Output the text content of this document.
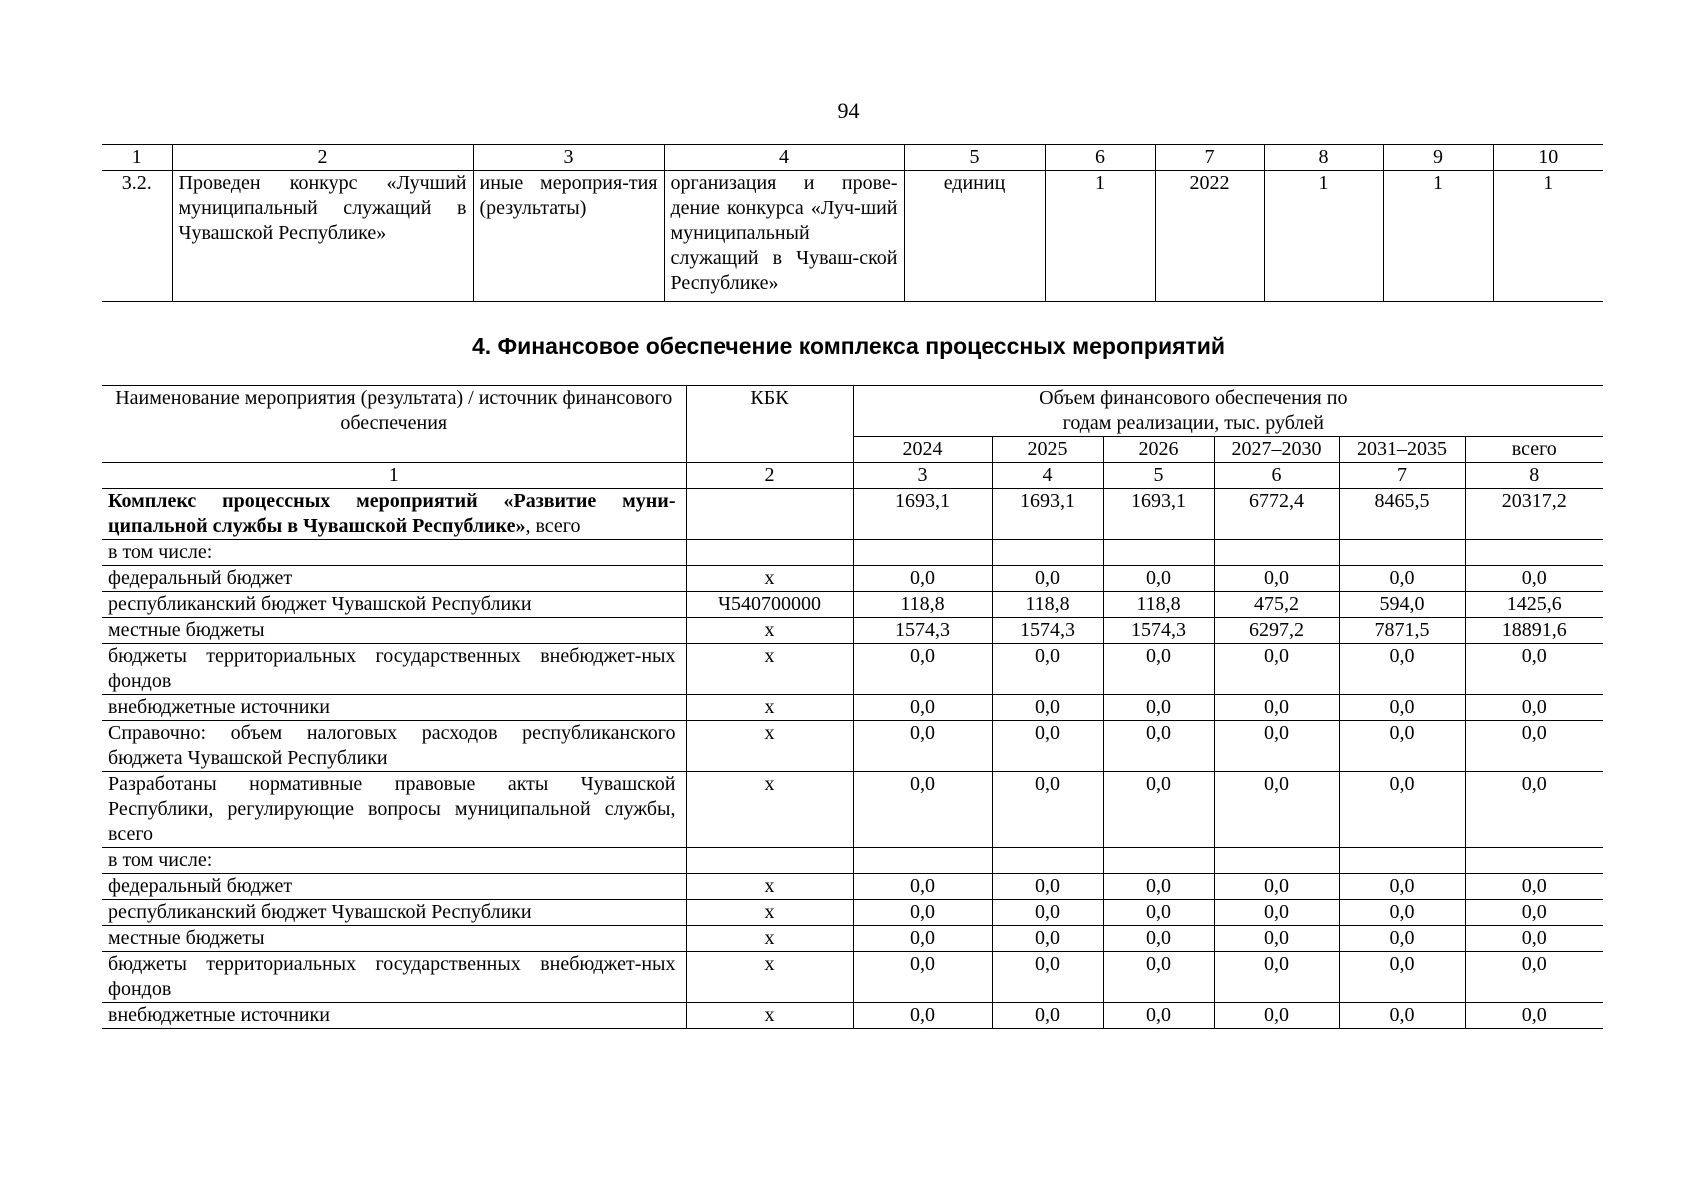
94
1	2	3	4	5	6	7	8	9	10
3.2.	Проведен конкурс «Лучший муниципальный служащий в Чувашской Республике»	иные мероприя-тия (результаты)	организация и прове-дение конкурса «Луч-ший муниципальный служащий в Чуваш-ской Республике»	единиц	1	2022	1	1	1
4. Финансовое обеспечение комплекса процессных мероприятий
Наименование мероприятия (результата) / источник финансового обеспечения	КБК	Объем финансового обеспечения по годам реализации, тыс. рублей					
		2024	2025	2026	2027–2030	2031–2035	всего
1	2	3	4	5	6	7	8
Комплекс процессных мероприятий «Развитие муни-ципальной службы в Чувашской Республике», всего		1693,1	1693,1	1693,1	6772,4	8465,5	20317,2
в том числе:							
федеральный бюджет	х	0,0	0,0	0,0	0,0	0,0	0,0
республиканский бюджет Чувашской Республики	Ч540700000	118,8	118,8	118,8	475,2	594,0	1425,6
местные бюджеты	х	1574,3	1574,3	1574,3	6297,2	7871,5	18891,6
бюджеты территориальных государственных внебюджет-ных фондов	х	0,0	0,0	0,0	0,0	0,0	0,0
внебюджетные источники	х	0,0	0,0	0,0	0,0	0,0	0,0
Справочно: объем налоговых расходов республиканского бюджета Чувашской Республики	х	0,0	0,0	0,0	0,0	0,0	0,0
Разработаны нормативные правовые акты Чувашской Республики, регулирующие вопросы муниципальной службы, всего	х	0,0	0,0	0,0	0,0	0,0	0,0
в том числе:							
федеральный бюджет	х	0,0	0,0	0,0	0,0	0,0	0,0
республиканский бюджет Чувашской Республики	х	0,0	0,0	0,0	0,0	0,0	0,0
местные бюджеты	х	0,0	0,0	0,0	0,0	0,0	0,0
бюджеты территориальных государственных внебюджет-ных фондов	х	0,0	0,0	0,0	0,0	0,0	0,0
внебюджетные источники	х	0,0	0,0	0,0	0,0	0,0	0,0
